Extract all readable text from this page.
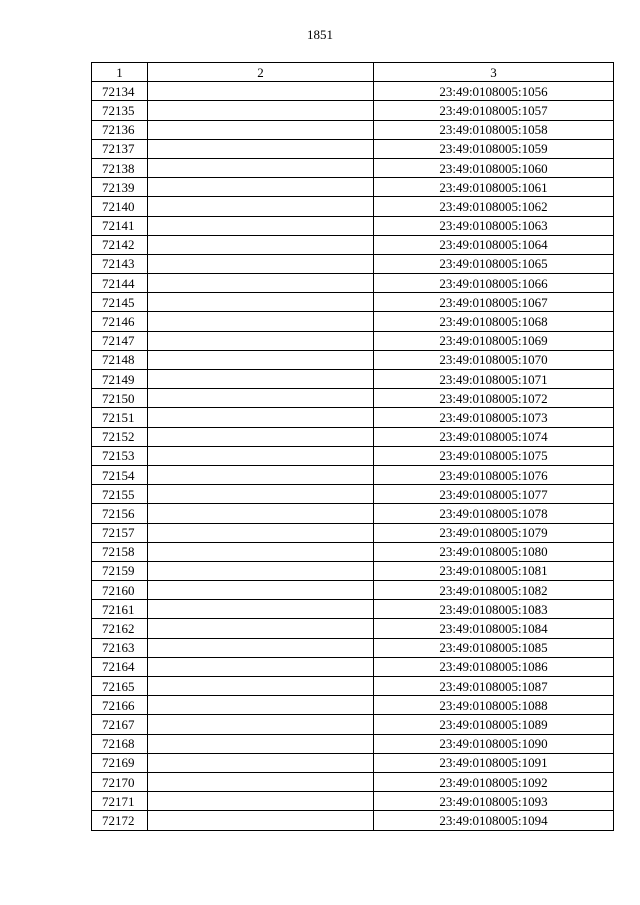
1851
1	2	3
72134		23:49:0108005:1056
72135		23:49:0108005:1057
72136		23:49:0108005:1058
72137		23:49:0108005:1059
72138		23:49:0108005:1060
72139		23:49:0108005:1061
72140		23:49:0108005:1062
72141		23:49:0108005:1063
72142		23:49:0108005:1064
72143		23:49:0108005:1065
72144		23:49:0108005:1066
72145		23:49:0108005:1067
72146		23:49:0108005:1068
72147		23:49:0108005:1069
72148		23:49:0108005:1070
72149		23:49:0108005:1071
72150		23:49:0108005:1072
72151		23:49:0108005:1073
72152		23:49:0108005:1074
72153		23:49:0108005:1075
72154		23:49:0108005:1076
72155		23:49:0108005:1077
72156		23:49:0108005:1078
72157		23:49:0108005:1079
72158		23:49:0108005:1080
72159		23:49:0108005:1081
72160		23:49:0108005:1082
72161		23:49:0108005:1083
72162		23:49:0108005:1084
72163		23:49:0108005:1085
72164		23:49:0108005:1086
72165		23:49:0108005:1087
72166		23:49:0108005:1088
72167		23:49:0108005:1089
72168		23:49:0108005:1090
72169		23:49:0108005:1091
72170		23:49:0108005:1092
72171		23:49:0108005:1093
72172		23:49:0108005:1094
